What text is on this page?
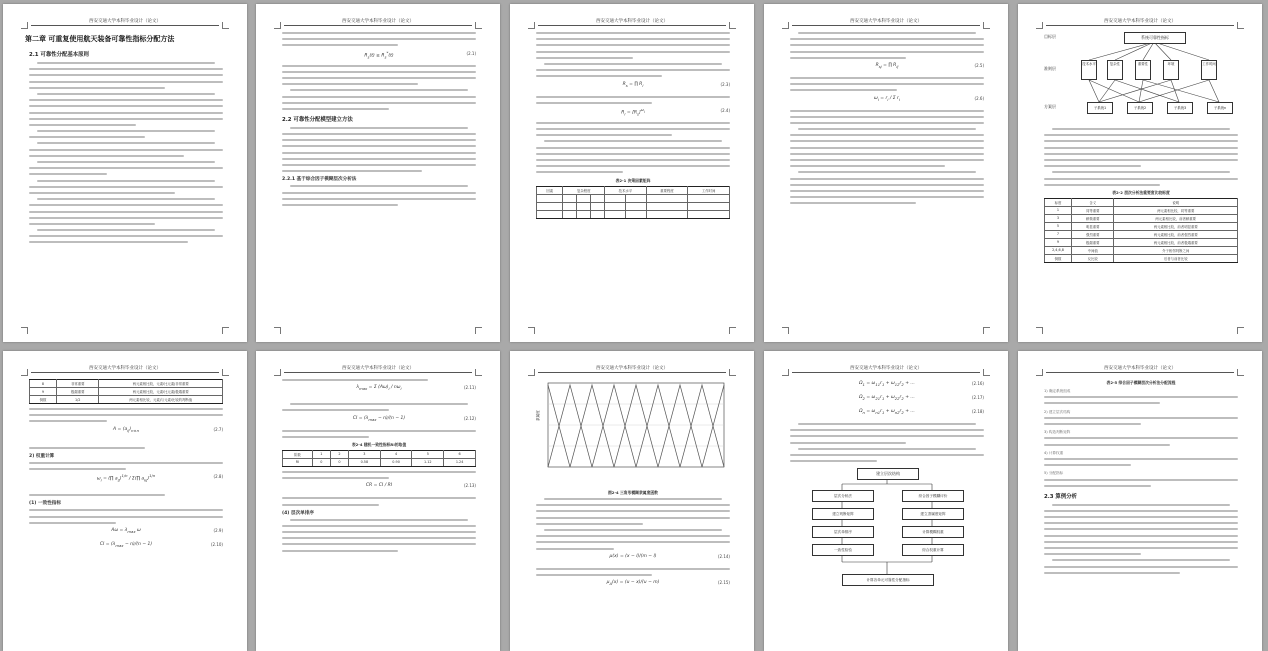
西安交通大学本科毕业设计（论文）
第二章 可重复使用航天装备可靠性指标分配方法
2.1 可靠性分配基本原则
西安交通大学本科毕业设计（论文）
$R_s(t) \ge R_s^*(t)$	(2.1)
2.2 可靠性分配模型建立方法
2.2.1 基于综合因子模糊层次分析法
西安交通大学本科毕业设计（论文）
$R_s$ = ∏ $R_i$	(2.3)
$R_i = [R_s]^{\omega_i}$	(2.4)
表2-1 决策因素矩阵
因素	复杂程度			技术水平		重要程度	工作时间

西安交通大学本科毕业设计（论文）
$R_{sj}$ = ∏ $R_{ij}$	(2.5)
$\omega_i = r_i / \Sigma$ $r_i$	(2.6)
西安交通大学本科毕业设计（论文）
目标层
准则层
方案层
系统可靠性指标
技术水平	复杂性	重要性	环境	工作时间
子系统1	子系统2	子系统3	子系统n
表2-2 层次分析法重要度比较标度
标度	含义	说明
1	同等重要	两元素相比较，同等重要
3	稍微重要	两元素相比较，前者稍重要
5	明显重要	两元素相比较，前者明显重要
7	强烈重要	两元素相比较，前者强烈重要
9	极端重要	两元素相比较，前者极端重要
2,4,6,8	中间值	介于相邻判断之间
倒数	反比较	后者与前者比较
西安交通大学本科毕业设计（论文）
8	非常重要	两元素相比较，元素i比元素j非常重要
9	极端重要	两元素相比较，元素i比元素j极端重要
倒数	1/2	两元素相比较，元素j与元素i比较的判断值
$A = (a_{ij})_{n\times n}$	(2.7)
2) 权重计算
$\omega_i$ = (∏ $a_{ij})^{1/n}$ / Σ(∏ $a_{kj})^{1/n}$	(2.8)
(1) 一致性指标
$A\omega = \lambda_{max}$ ω	(2.9)
CI = $(\lambda_{max} - n)/(n - 1)$	(2.10)
西安交通大学本科毕业设计（论文）
$\lambda_{max} = \Sigma$ $(A\omega)_i / n\omega_i$	(2.11)
CI = $(\lambda_{max} - n)/(n - 1)$	(2.12)
表2-4 随机一致性指标RI的取值
阶数	1	2	3	4	5	6
RI	0	0	0.58	0.90	1.12	1.24
CR = CI / RI	(2.13)
(4) 层次单排序
西安交通大学本科毕业设计（论文）
隶属度
图2-4 三角形模糊隶属度函数
μ(x) = (x − l)/(m − l)	(2.14)
$\mu_A(x) = (u - x)/(u - m)$	(2.15)
西安交通大学本科毕业设计（论文）
$\Omega_1 = \omega_{11}r_1 + \omega_{12}r_2$ + …	(2.16)
$\Omega_2 = \omega_{21}r_1 + \omega_{22}r_2$ + …	(2.17)
$\Omega_n = \omega_{n1}r_1 + \omega_{n2}r_2$ + …	(2.18)
建立层次结构
层次分析法	综合因子模糊评价
建立判断矩阵	建立隶属度矩阵
层次单排序	计算模糊权重
一致性检验	综合权重计算
计算各单元可靠性分配指标
西安交通大学本科毕业设计（论文）
表2-5 综合因子模糊层次分析法分配流程
1) 确定系统组成
2) 建立层次结构
3) 构造判断矩阵
4) 计算权重
5) 分配指标
2.3 算例分析
